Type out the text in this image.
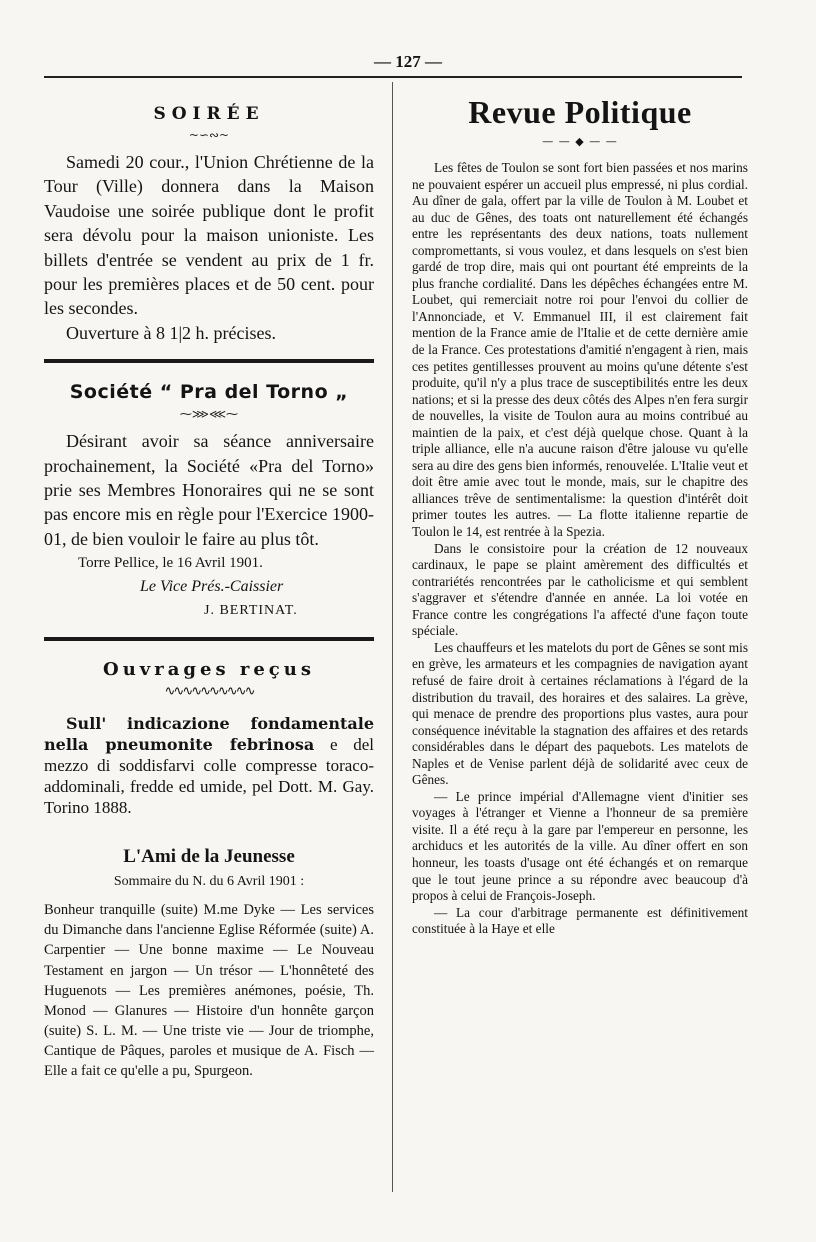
— 127 —
SOIRÉE
~∽∾~

Samedi 20 cour., l'Union Chrétienne de la Tour (Ville) donnera dans la Maison Vaudoise une soirée publique dont le profit sera dévolu pour la maison unioniste. Les billets d'entrée se vendent au prix de 1 fr. pour les premières places et de 50 cent. pour les secondes.

Ouverture à 8 1|2 h. précises.

Société “ Pra del Torno „
⁓⋙⋘⁓

Désirant avoir sa séance anniversaire prochainement, la Société «Pra del Torno» prie ses Membres Honoraires qui ne se sont pas encore mis en règle pour l'Exercice 1900-01, de bien vouloir le faire au plus tôt.

Torre Pellice, le 16 Avril 1901.
Le Vice Prés.-Caissier
J. BERTINAT.
Ouvrages reçus
∿∿∿∿∿∿∿∿∿∿

Sull' indicazione fondamentale nella pneumonite febrinosa e del mezzo di soddisfarvi colle compresse toraco-addominali, fredde ed umide, pel Dott. M. Gay. Torino 1888.

L'Ami de la Jeunesse
Sommaire du N. du 6 Avril 1901 :

Bonheur tranquille (suite) M.me Dyke — Les services du Dimanche dans l'ancienne Eglise Réformée (suite) A. Carpentier — Une bonne maxime — Le Nouveau Testament en jargon — Un trésor — L'honnêteté des Huguenots — Les premières anémones, poésie, Th. Monod — Glanures — Histoire d'un honnête garçon (suite) S. L. M. — Une triste vie — Jour de triomphe, Cantique de Pâques, paroles et musique de A. Fisch — Elle a fait ce qu'elle a pu, Spurgeon.

Revue Politique
— — ◆ — —

Les fêtes de Toulon se sont fort bien passées et nos marins ne pouvaient espérer un accueil plus empressé, ni plus cordial. Au dîner de gala, offert par la ville de Toulon à M. Loubet et au duc de Gênes, des toats ont naturellement été échangés entre les représentants des deux nations, toats nullement compromettants, si vous voulez, et dans lesquels on s'est bien gardé de trop dire, mais qui ont pourtant été empreints de la plus franche cordialité. Dans les dépêches échangées entre M. Loubet, qui remerciait notre roi pour l'envoi du collier de l'Annonciade, et V. Emmanuel III, il est clairement fait mention de la France amie de l'Italie et de cette dernière amie de la France. Ces protestations d'amitié n'engagent à rien, mais ces petites gentillesses prouvent au moins qu'une détente s'est produite, qu'il n'y a plus trace de susceptibilités entre les deux nations; et si la presse des deux côtés des Alpes n'en fera surgir de nouvelles, la visite de Toulon aura au moins contribué au maintien de la paix, et c'est déjà quelque chose. Quant à la triple alliance, elle n'a aucune raison d'être jalouse vu qu'elle sera au dire des gens bien informés, renouvelée. L'Italie veut et doit être amie avec tout le monde, mais, sur le chapitre des alliances trêve de sentimentalisme: la question d'intérêt doit primer toutes les autres. — La flotte italienne repartie de Toulon le 14, est rentrée à la Spezia.

Dans le consistoire pour la création de 12 nouveaux cardinaux, le pape se plaint amèrement des difficultés et contrariétés rencontrées par le catholicisme et qui semblent s'aggraver et s'étendre d'année en année. La loi votée en France contre les congrégations l'a affecté d'une façon toute spéciale.

Les chauffeurs et les matelots du port de Gênes se sont mis en grève, les armateurs et les compagnies de navigation ayant refusé de faire droit à certaines réclamations à l'égard de la distribution du travail, des horaires et des salaires. La grève, qui menace de prendre des proportions plus vastes, aura pour conséquence inévitable la stagnation des affaires et des retards considérables dans le départ des paquebots. Les matelots de Naples et de Venise parlent déjà de solidarité avec ceux de Gênes.

— Le prince impérial d'Allemagne vient d'initier ses voyages à l'étranger et Vienne a l'honneur de sa première visite. Il a été reçu à la gare par l'empereur en personne, les archiducs et les autorités de la ville. Au dîner offert en son honneur, les toasts d'usage ont été échangés et on remarque que le tout jeune prince a su répondre avec beaucoup d'à propos à celui de François-Joseph.

— La cour d'arbitrage permanente est définitivement constituée à la Haye et elle
